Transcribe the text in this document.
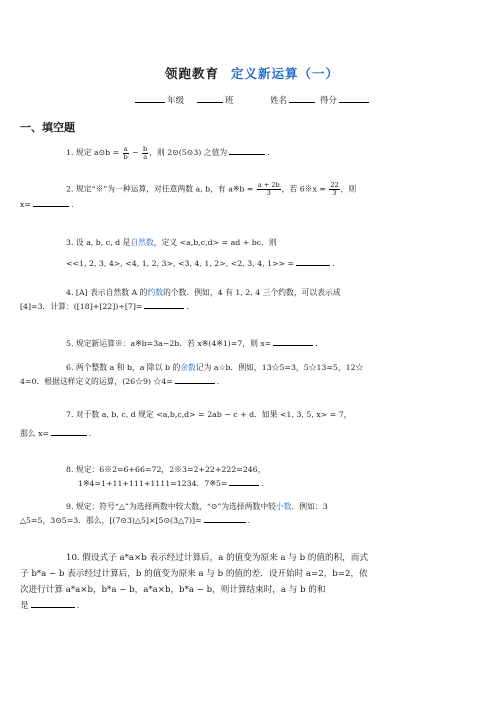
领跑教育 定义新运算（一）
年级	班	姓名	得分
一、填空题
1. 规定 a⊙b = $\frac{a}{b} - \frac{b}{a}$ ，则 2⊙(5⊙3) 之值为	.
2. 规定“※”为一种运算，对任意两数 a, b，有 a※b = $\frac{a + 2b}{3}$ ，若 6※x = $\frac{22}{3}$ ，则
x=	.
3. 设 a, b, c, d 是自然数，定义 <a,b,c,d> = ad + bc．则
<<1, 2, 3, 4>, <4, 1, 2, 3>, <3, 4, 1, 2>, <2, 3, 4, 1>> =	.
4. [A] 表示自然数 A 的约数的个数．例如，4 有 1, 2, 4 三个约数，可以表示成
[4]=3．计算：([18]+[22])÷[7]=	.
5. 规定新运算※：a※b=3a−2b．若 x※(4※1)=7，则 x=	.
6. 两个整数 a 和 b，a 除以 b 的余数记为 a☆b．例如，13☆5=3，5☆13=5，12☆
4=0．根据这样定义的运算，(26☆9) ☆4=	.
7. 对于数 a, b, c, d 规定 <a,b,c,d> = 2ab − c + d．如果 <1, 3, 5, x> = 7，
那么 x=	.
8. 规定：6※2=6+66=72，2※3=2+22+222=246，
1※4=1+11+111+1111=1234．7※5=	.
9. 规定：符号“△”为选择两数中较大数，“⊙”为选择两数中较小数．例如：3
△5=5，3⊙5=3．那么，[(7⊙3)△5]×[5⊙(3△7)]=	.
10. 假设式子 a*a×b 表示经过计算后，a 的值变为原来 a 与 b 的值的积，而式
子 b*a − b 表示经过计算后，b 的值变为原来 a 与 b 的值的差．设开始时 a=2，b=2，依
次进行计算 a*a×b，b*a − b，a*a×b，b*a − b，则计算结束时，a 与 b 的和
是	.
